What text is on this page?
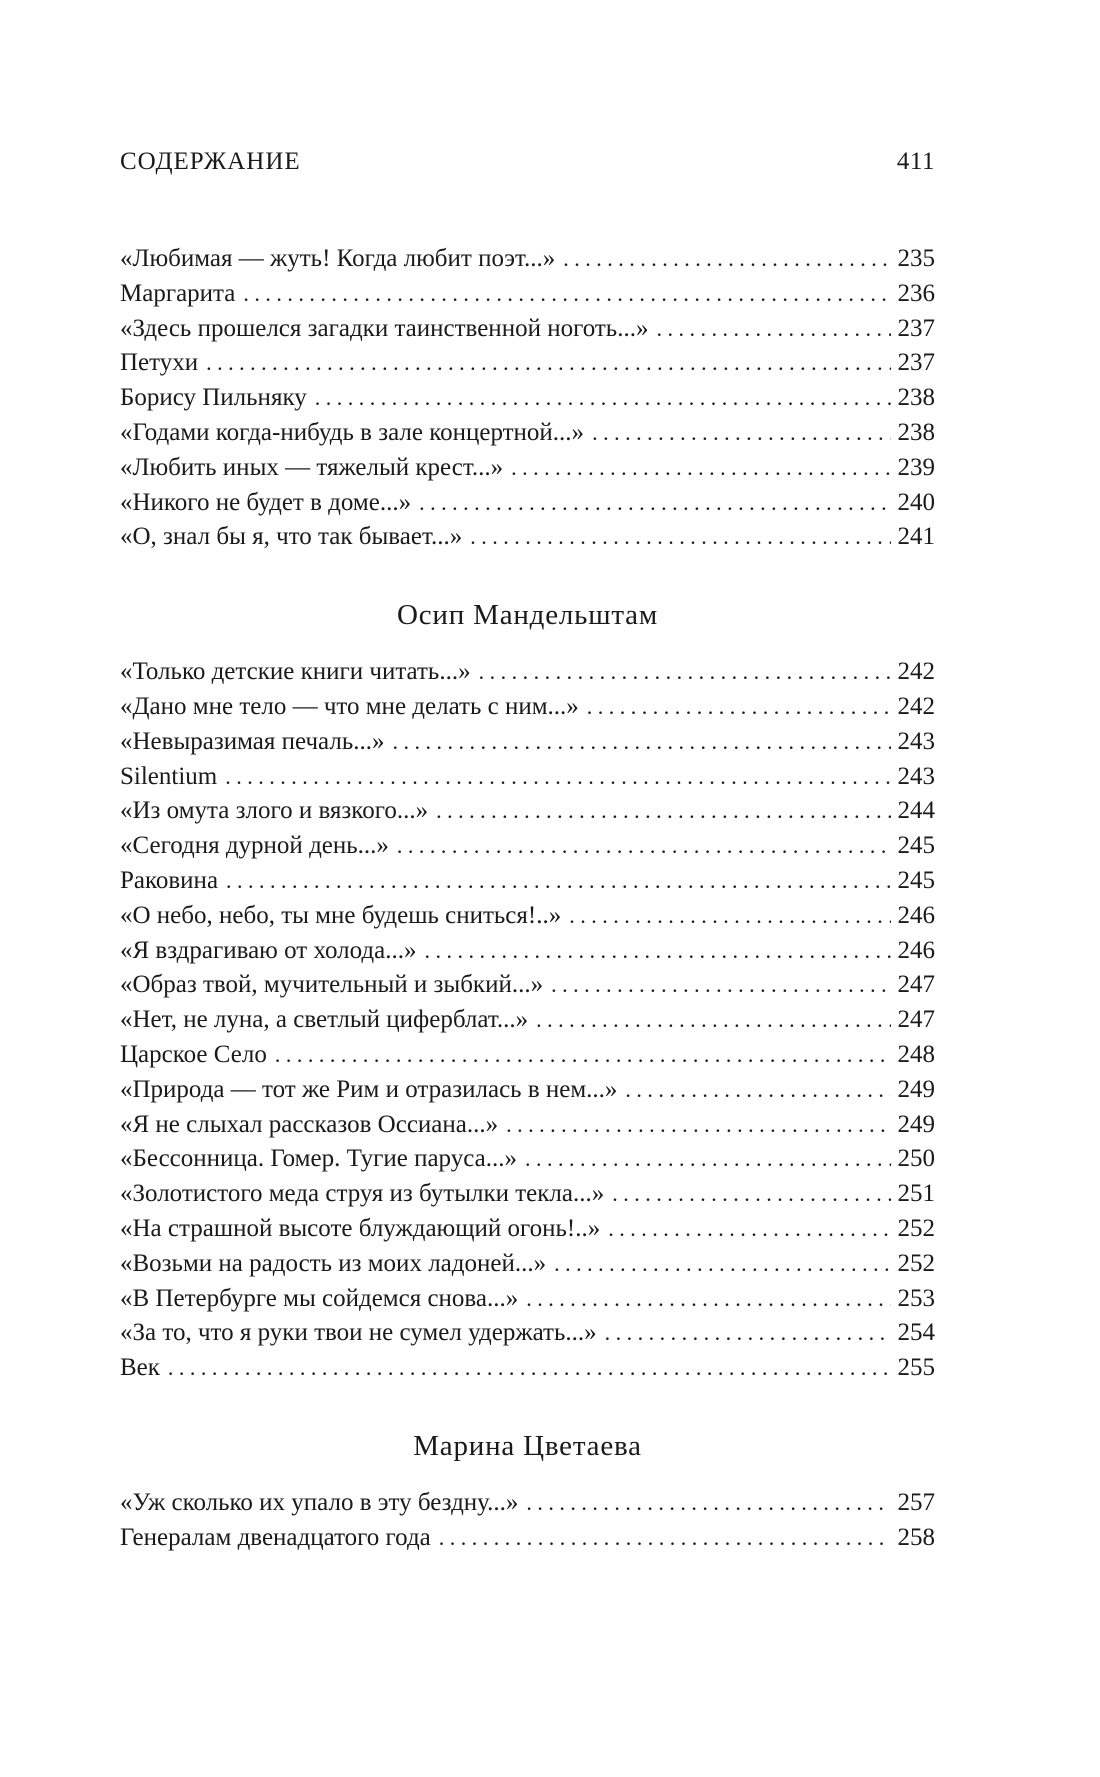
СОДЕРЖАНИЕ	411
«Любимая — жуть! Когда любит поэт...» . . .	235
Маргарита . . .	236
«Здесь прошелся загадки таинственной ноготь...» . . .	237
Петухи . . .	237
Борису Пильняку . . .	238
«Годами когда-нибудь в зале концертной...» . . .	238
«Любить иных — тяжелый крест...» . . .	239
«Никого не будет в доме...» . . .	240
«О, знал бы я, что так бывает...» . . .	241
Осип Мандельштам
«Только детские книги читать...» . . .	242
«Дано мне тело — что мне делать с ним...» . . .	242
«Невыразимая печаль...» . . .	243
Silentium . . .	243
«Из омута злого и вязкого...» . . .	244
«Сегодня дурной день...» . . .	245
Раковина . . .	245
«О небо, небо, ты мне будешь сниться!..» . . .	246
«Я вздрагиваю от холода...» . . .	246
«Образ твой, мучительный и зыбкий...» . . .	247
«Нет, не луна, а светлый циферблат...» . . .	247
Царское Село . . .	248
«Природа — тот же Рим и отразилась в нем...» . . .	249
«Я не слыхал рассказов Оссиана...» . . .	249
«Бессонница. Гомер. Тугие паруса...» . . .	250
«Золотистого меда струя из бутылки текла...» . . .	251
«На страшной высоте блуждающий огонь!..» . . .	252
«Возьми на радость из моих ладоней...» . . .	252
«В Петербурге мы сойдемся снова...» . . .	253
«За то, что я руки твои не сумел удержать...» . . .	254
Век . . .	255
Марина Цветаева
«Уж сколько их упало в эту бездну...» . . .	257
Генералам двенадцатого года . . .	258
